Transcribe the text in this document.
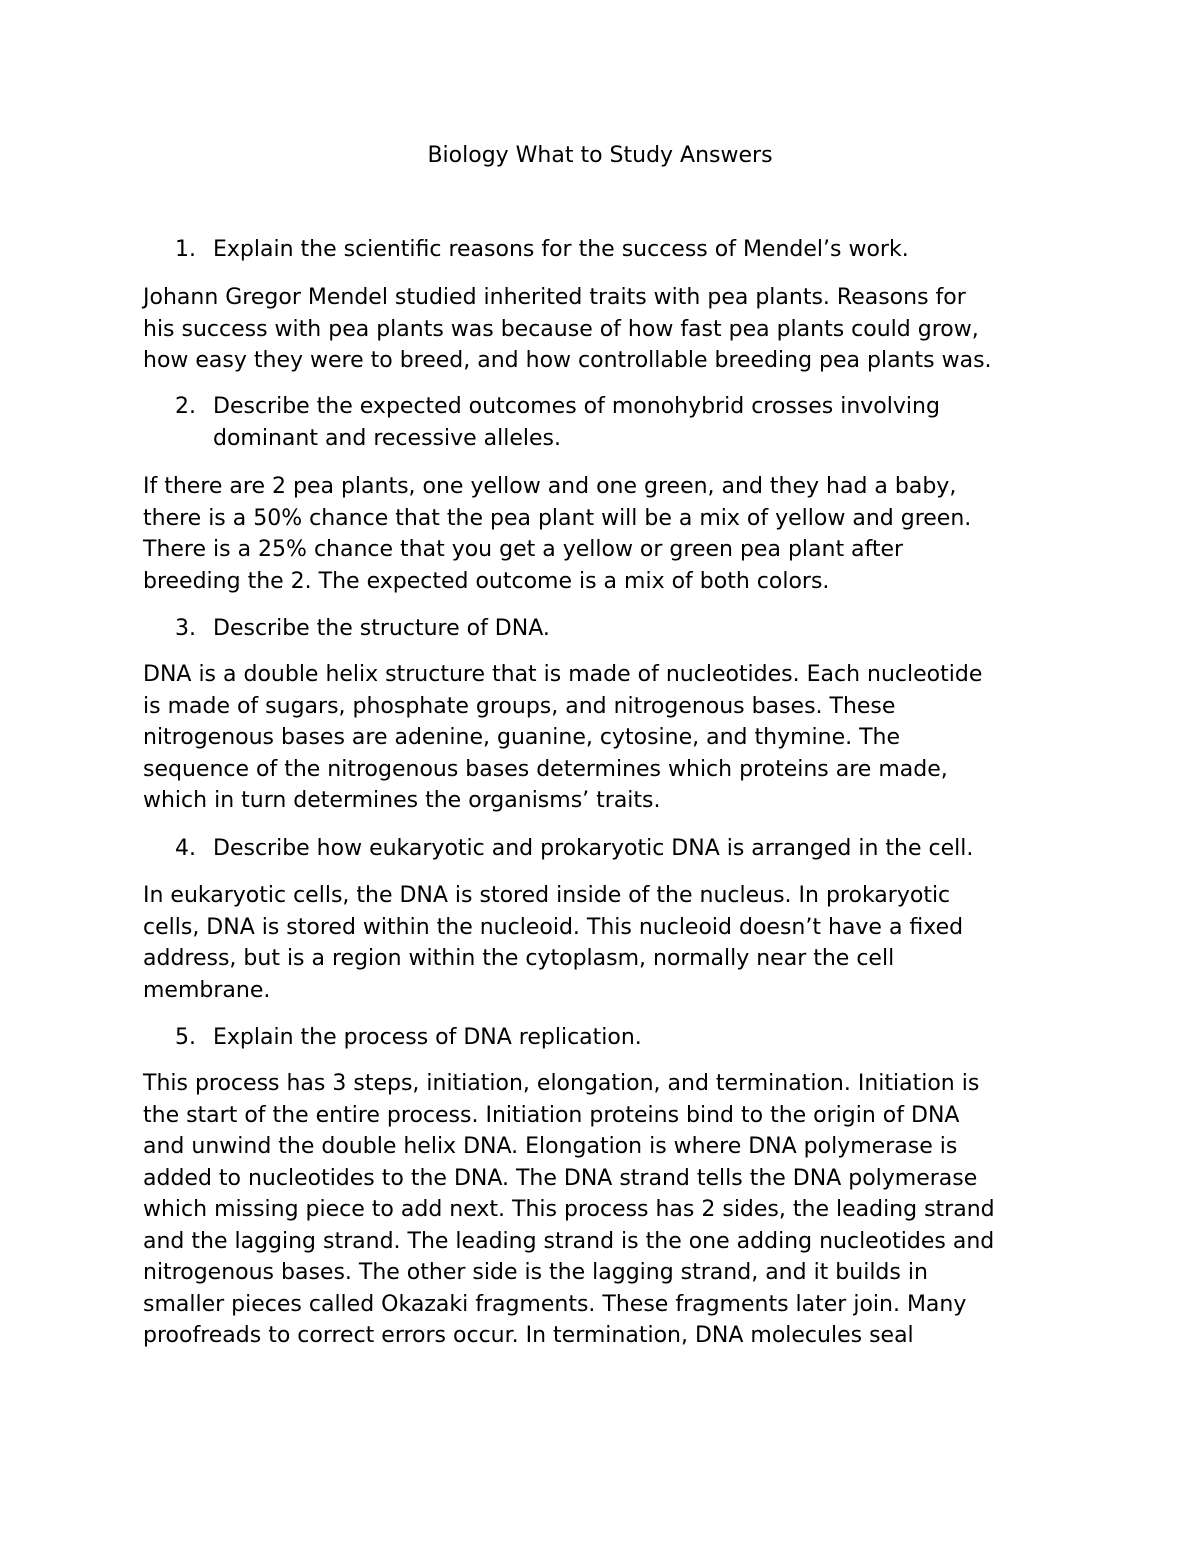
Biology What to Study Answers
1. Explain the scientific reasons for the success of Mendel’s work.

Johann Gregor Mendel studied inherited traits with pea plants. Reasons for
his success with pea plants was because of how fast pea plants could grow,
how easy they were to breed, and how controllable breeding pea plants was.

2. Describe the expected outcomes of monohybrid crosses involving
dominant and recessive alleles.

If there are 2 pea plants, one yellow and one green, and they had a baby,
there is a 50% chance that the pea plant will be a mix of yellow and green.
There is a 25% chance that you get a yellow or green pea plant after
breeding the 2. The expected outcome is a mix of both colors.

3. Describe the structure of DNA.

DNA is a double helix structure that is made of nucleotides. Each nucleotide
is made of sugars, phosphate groups, and nitrogenous bases. These
nitrogenous bases are adenine, guanine, cytosine, and thymine. The
sequence of the nitrogenous bases determines which proteins are made,
which in turn determines the organisms’ traits.

4. Describe how eukaryotic and prokaryotic DNA is arranged in the cell.

In eukaryotic cells, the DNA is stored inside of the nucleus. In prokaryotic
cells, DNA is stored within the nucleoid. This nucleoid doesn’t have a fixed
address, but is a region within the cytoplasm, normally near the cell
membrane.

5. Explain the process of DNA replication.

This process has 3 steps, initiation, elongation, and termination. Initiation is
the start of the entire process. Initiation proteins bind to the origin of DNA
and unwind the double helix DNA. Elongation is where DNA polymerase is
added to nucleotides to the DNA. The DNA strand tells the DNA polymerase
which missing piece to add next. This process has 2 sides, the leading strand
and the lagging strand. The leading strand is the one adding nucleotides and
nitrogenous bases. The other side is the lagging strand, and it builds in
smaller pieces called Okazaki fragments. These fragments later join. Many
proofreads to correct errors occur. In termination, DNA molecules seal
